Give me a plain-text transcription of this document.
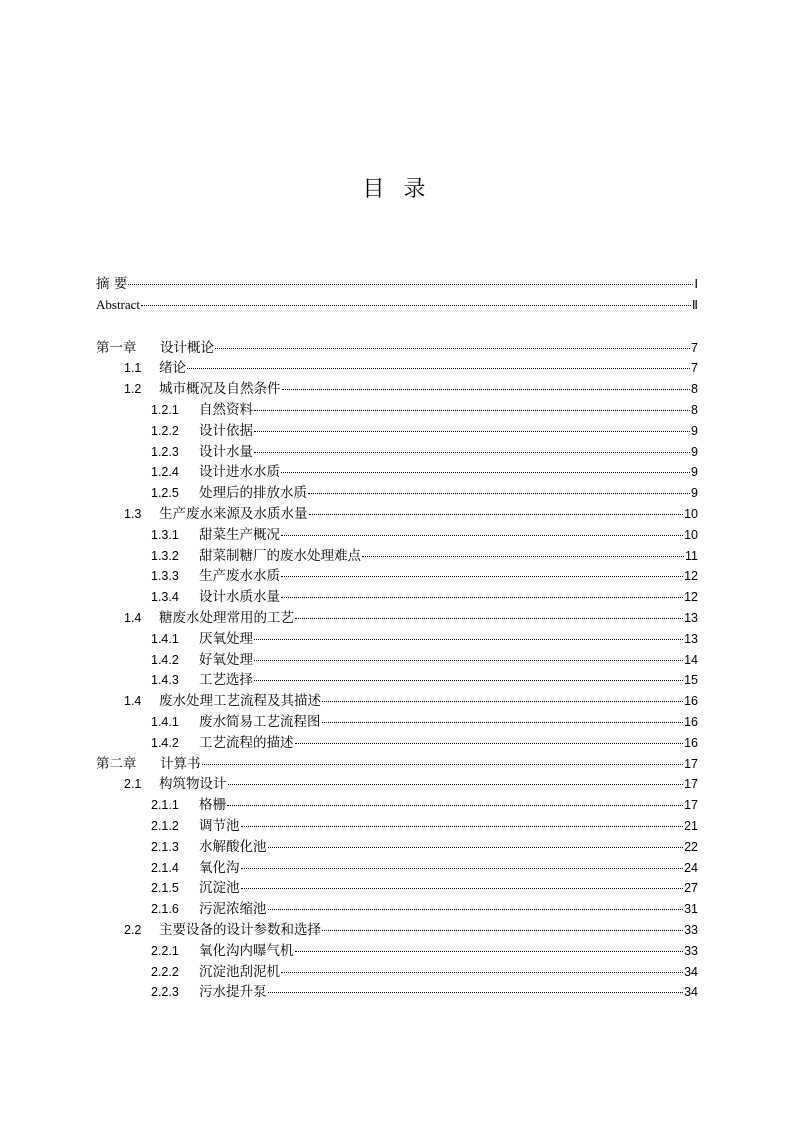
目 录
摘 要	Ⅰ
Abstract	Ⅱ
第一章	设计概论	7
1.1	绪论	7
1.2	城市概况及自然条件	8
1.2.1	自然资料	8
1.2.2	设计依据	9
1.2.3	设计水量	9
1.2.4	设计进水水质	9
1.2.5	处理后的排放水质	9
1.3	生产废水来源及水质水量	10
1.3.1	甜菜生产概况	10
1.3.2	甜菜制糖厂的废水处理难点	11
1.3.3	生产废水水质	12
1.3.4	设计水质水量	12
1.4	糖废水处理常用的工艺	13
1.4.1	厌氧处理	13
1.4.2	好氧处理	14
1.4.3	工艺选择	15
1.4	废水处理工艺流程及其描述	16
1.4.1	废水简易工艺流程图	16
1.4.2	工艺流程的描述	16
第二章	计算书	17
2.1	构筑物设计	17
2.1.1	格栅	17
2.1.2	调节池	21
2.1.3	水解酸化池	22
2.1.4	氧化沟	24
2.1.5	沉淀池	27
2.1.6	污泥浓缩池	31
2.2	主要设备的设计参数和选择	33
2.2.1	氧化沟内曝气机	33
2.2.2	沉淀池刮泥机	34
2.2.3	污水提升泵	34
